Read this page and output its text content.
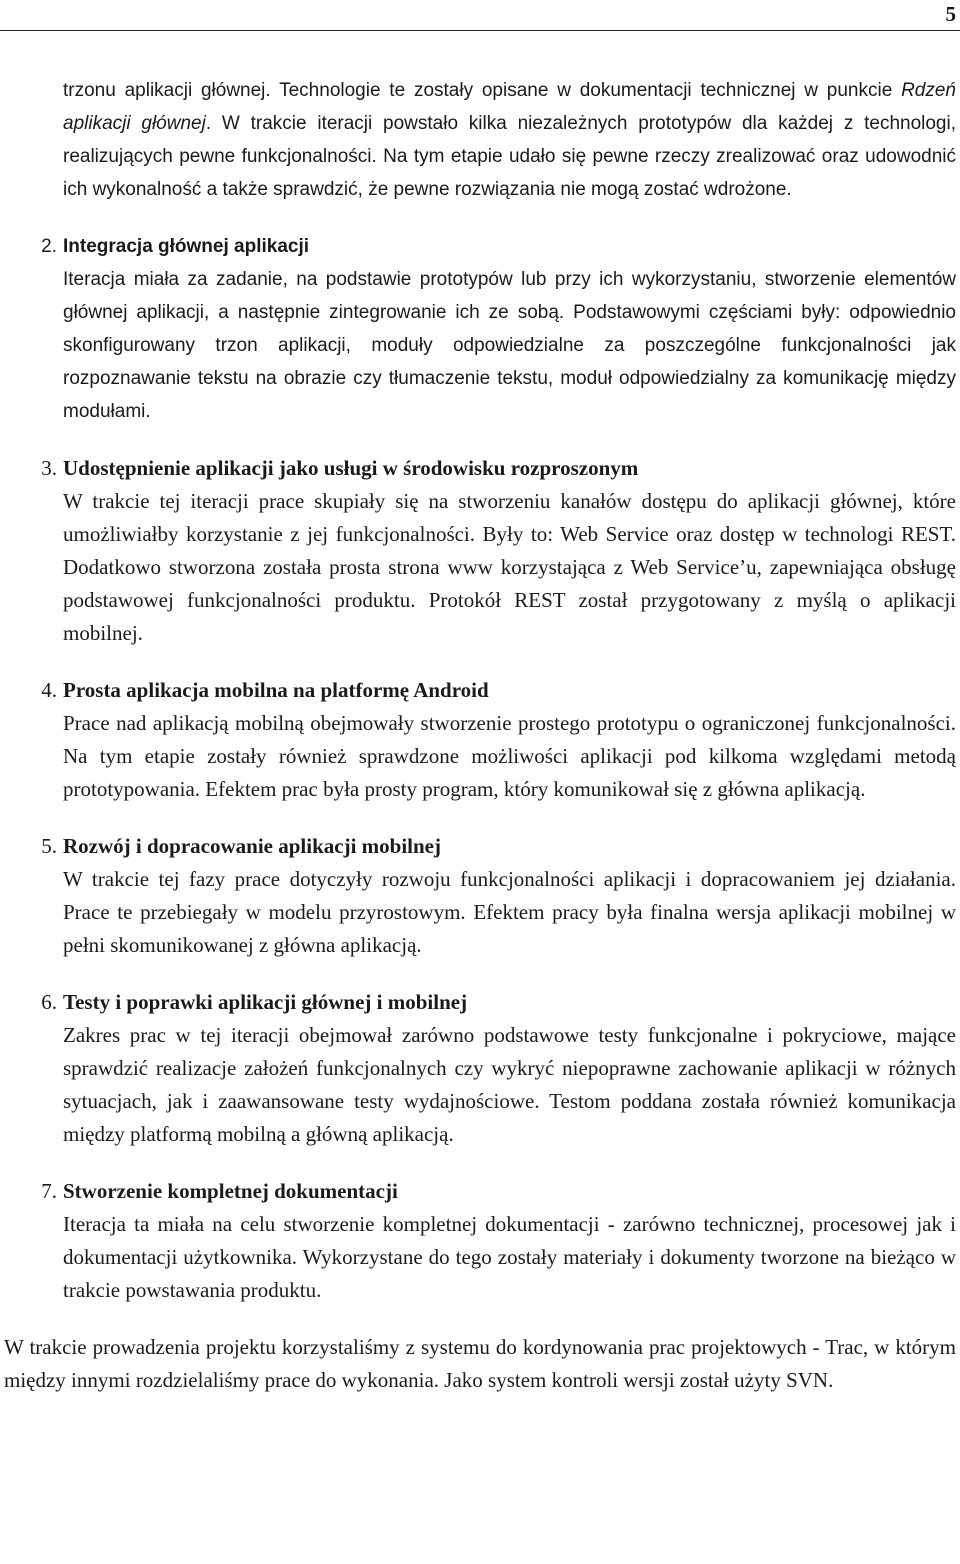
5

trzonu aplikacji głównej. Technologie te zostały opisane w dokumentacji technicznej w punkcie Rdzeń aplikacji głównej. W trakcie iteracji powstało kilka niezależnych prototypów dla każdej z technologi, realizujących pewne funkcjonalności. Na tym etapie udało się pewne rzeczy zrealizować oraz udowodnić ich wykonalność a także sprawdzić, że pewne rozwiązania nie mogą zostać wdrożone.

2. Integracja głównej aplikacji

Iteracja miała za zadanie, na podstawie prototypów lub przy ich wykorzystaniu, stworzenie elementów głównej aplikacji, a następnie zintegrowanie ich ze sobą. Podstawowymi częściami były: odpowiednio skonfigurowany trzon aplikacji, moduły odpowiedzialne za poszczególne funkcjonalności jak rozpoznawanie tekstu na obrazie czy tłumaczenie tekstu, moduł odpowiedzialny za komunikację między modułami.

3. Udostępnienie aplikacji jako usługi w środowisku rozproszonym

W trakcie tej iteracji prace skupiały się na stworzeniu kanałów dostępu do aplikacji głównej, które umożliwiałby korzystanie z jej funkcjonalności. Były to: Web Service oraz dostęp w technologi REST. Dodatkowo stworzona została prosta strona www korzystająca z Web Service’u, zapewniająca obsługę podstawowej funkcjonalności produktu. Protokół REST został przygotowany z myślą o aplikacji mobilnej.

4. Prosta aplikacja mobilna na platformę Android

Prace nad aplikacją mobilną obejmowały stworzenie prostego prototypu o ograniczonej funkcjonalności. Na tym etapie zostały również sprawdzone możliwości aplikacji pod kilkoma względami metodą prototypowania. Efektem prac była prosty program, który komunikował się z główna aplikacją.

5. Rozwój i dopracowanie aplikacji mobilnej

W trakcie tej fazy prace dotyczyły rozwoju funkcjonalności aplikacji i dopracowaniem jej działania. Prace te przebiegały w modelu przyrostowym. Efektem pracy była finalna wersja aplikacji mobilnej w pełni skomunikowanej z główna aplikacją.

6. Testy i poprawki aplikacji głównej i mobilnej

Zakres prac w tej iteracji obejmował zarówno podstawowe testy funkcjonalne i pokryciowe, mające sprawdzić realizacje założeń funkcjonalnych czy wykryć niepoprawne zachowanie aplikacji w różnych sytuacjach, jak i zaawansowane testy wydajnościowe. Testom poddana została również komunikacja między platformą mobilną a główną aplikacją.

7. Stworzenie kompletnej dokumentacji

Iteracja ta miała na celu stworzenie kompletnej dokumentacji - zarówno technicznej, procesowej jak i dokumentacji użytkownika. Wykorzystane do tego zostały materiały i dokumenty tworzone na bieżąco w trakcie powstawania produktu.

W trakcie prowadzenia projektu korzystaliśmy z systemu do kordynowania prac projektowych - Trac, w którym między innymi rozdzielaliśmy prace do wykonania. Jako system kontroli wersji został użyty SVN.
